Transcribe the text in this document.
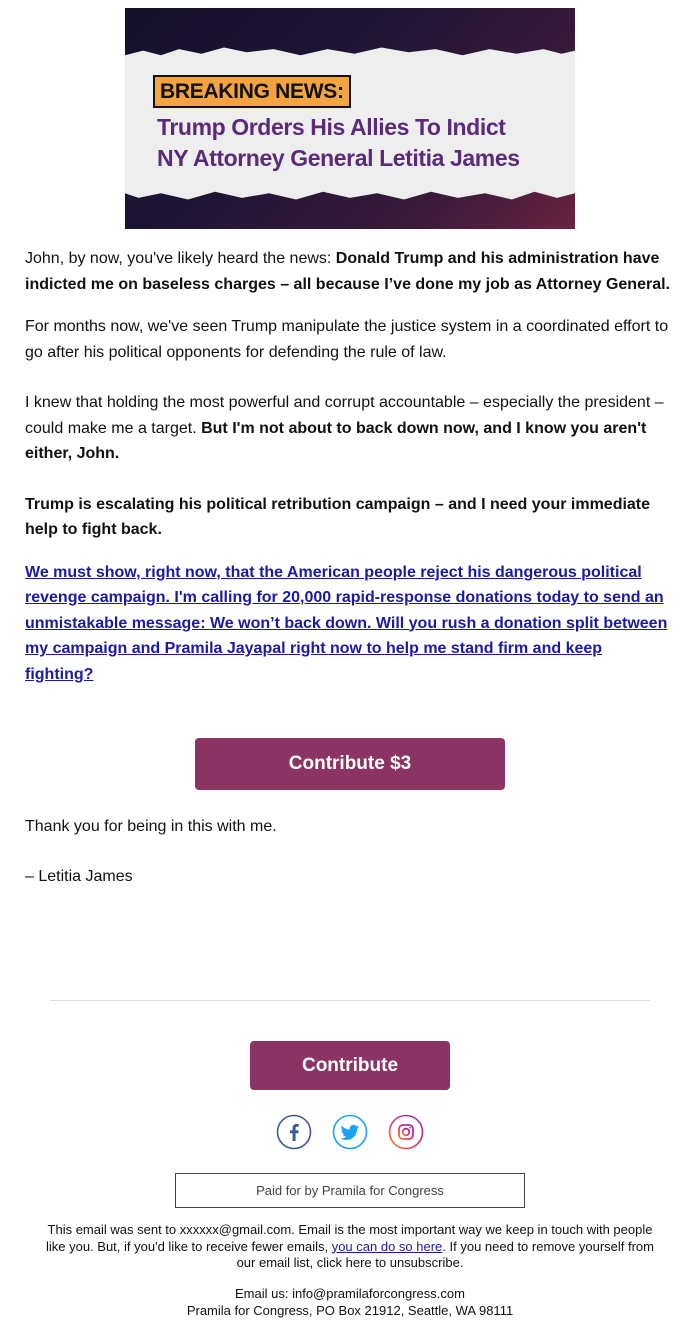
BREAKING NEWS:
Trump Orders His Allies To Indict
NY Attorney General Letitia James

John, by now, you've likely heard the news: Donald Trump and his administration have indicted me on baseless charges – all because I’ve done my job as Attorney General.

For months now, we've seen Trump manipulate the justice system in a coordinated effort to go after his political opponents for defending the rule of law.

I knew that holding the most powerful and corrupt accountable – especially the president – could make me a target. But I'm not about to back down now, and I know you aren't either, John.

Trump is escalating his political retribution campaign – and I need your immediate help to fight back.

We must show, right now, that the American people reject his dangerous political revenge campaign. I'm calling for 20,000 rapid-response donations today to send an unmistakable message: We won’t back down. Will you rush a donation split between my campaign and Pramila Jayapal right now to help me stand firm and keep fighting?

Contribute $3

Thank you for being in this with me.

– Letitia James

Contribute
Paid for by Pramila for Congress
This email was sent to xxxxxx@gmail.com. Email is the most important way we keep in touch with people like you. But, if you'd like to receive fewer emails, you can do so here. If you need to remove yourself from our email list, click here to unsubscribe.
Email us: info@pramilaforcongress.com
Pramila for Congress, PO Box 21912, Seattle, WA 98111
